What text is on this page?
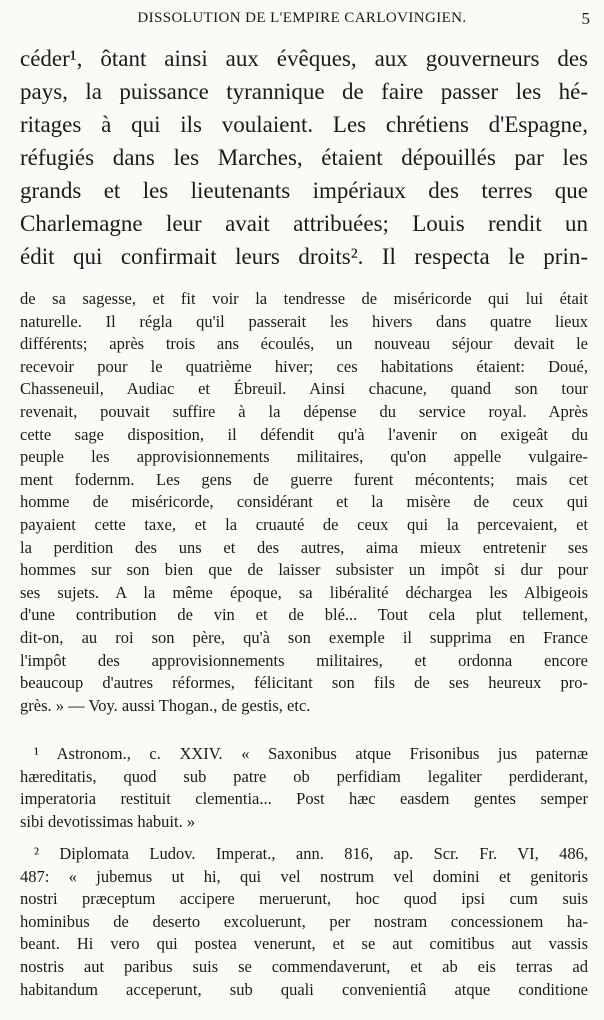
DISSOLUTION DE L'EMPIRE CARLOVINGIEN.	5
céder¹, ôtant ainsi aux évêques, aux gouverneurs des
pays, la puissance tyrannique de faire passer les hé-
ritages à qui ils voulaient. Les chrétiens d'Espagne,
réfugiés dans les Marches, étaient dépouillés par les
grands et les lieutenants impériaux des terres que
Charlemagne leur avait attribuées; Louis rendit un
édit qui confirmait leurs droits². Il respecta le prin-
de sa sagesse, et fit voir la tendresse de miséricorde qui lui était
naturelle. Il régla qu'il passerait les hivers dans quatre lieux
différents; après trois ans écoulés, un nouveau séjour devait le
recevoir pour le quatrième hiver; ces habitations étaient: Doué,
Chasseneuil, Audiac et Ébreuil. Ainsi chacune, quand son tour
revenait, pouvait suffire à la dépense du service royal. Après
cette sage disposition, il défendit qu'à l'avenir on exigeât du
peuple les approvisionnements militaires, qu'on appelle vulgaire-
ment fodernm. Les gens de guerre furent mécontents; mais cet
homme de miséricorde, considérant et la misère de ceux qui
payaient cette taxe, et la cruauté de ceux qui la percevaient, et
la perdition des uns et des autres, aima mieux entretenir ses
hommes sur son bien que de laisser subsister un impôt si dur pour
ses sujets. A la même époque, sa libéralité déchargea les Albigeois
d'une contribution de vin et de blé... Tout cela plut tellement,
dit-on, au roi son père, qu'à son exemple il supprima en France
l'impôt des approvisionnements militaires, et ordonna encore
beaucoup d'autres réformes, félicitant son fils de ses heureux pro-
grès. » — Voy. aussi Thogan., de gestis, etc.
¹ Astronom., c. XXIV. « Saxonibus atque Frisonibus jus paternæ
hæreditatis, quod sub patre ob perfidiam legaliter perdiderant,
imperatoria restituit clementia... Post hæc easdem gentes semper
sibi devotissimas habuit. »
² Diplomata Ludov. Imperat., ann. 816, ap. Scr. Fr. VI, 486,
487: « jubemus ut hi, qui vel nostrum vel domini et genitoris
nostri præceptum accipere meruerunt, hoc quod ipsi cum suis
hominibus de deserto excoluerunt, per nostram concessionem ha-
beant. Hi vero qui postea venerunt, et se aut comitibus aut vassis
nostris aut paribus suis se commendaverunt, et ab eis terras ad
habitandum acceperunt, sub quali convenientiâ atque conditione
